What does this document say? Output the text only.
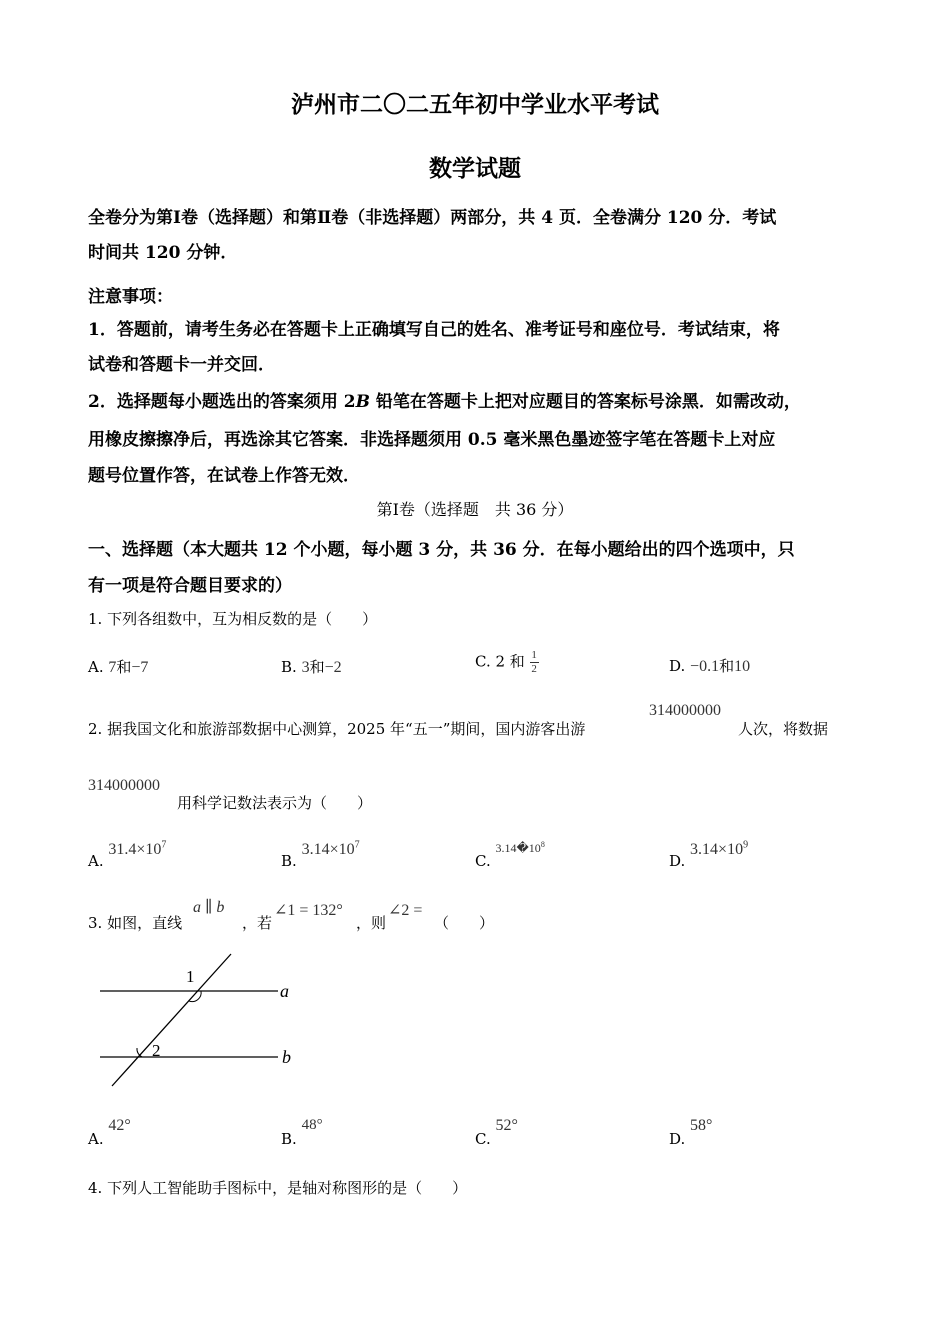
泸州市二〇二五年初中学业水平考试
数学试题
全卷分为第Ⅰ卷（选择题）和第Ⅱ卷（非选择题）两部分，共 4 页．全卷满分 120 分．考试
时间共 120 分钟．
注意事项：
1．答题前，请考生务必在答题卡上正确填写自己的姓名、准考证号和座位号．考试结束，将
试卷和答题卡一并交回．
2．选择题每小题选出的答案须用 2B 铅笔在答题卡上把对应题目的答案标号涂黑．如需改动，
用橡皮擦擦净后，再选涂其它答案．非选择题须用 0.5 毫米黑色墨迹签字笔在答题卡上对应
题号位置作答，在试卷上作答无效．
第Ⅰ卷（选择题　共 36 分）
一、选择题（本大题共 12 个小题，每小题 3 分，共 36 分．在每小题给出的四个选项中，只
有一项是符合题目要求的）
1. 下列各组数中，互为相反数的是（　　）
A. 7和−7	B. 3和−2	C. 2 和 $\frac{1}{2}$	D. −0.1和10
2. 据我国文化和旅游部数据中心测算，2025 年“五一”期间，国内游客出游
314000000
人次，将数据
314000000
用科学记数法表示为（　　）
A. $31.4\times 10^7$
B. $3.14\times 10^7$
C. $^{3.14�10^8}$
D. $3.14\times 10^9$
3. 如图，直线
a ∥ b
，若
∠1 = 132°
，则
∠2 =
（　　）
1
2
a
b
A. 42°
B. 48°
C. 52°
D. 58°
4. 下列人工智能助手图标中，是轴对称图形的是（　　）
